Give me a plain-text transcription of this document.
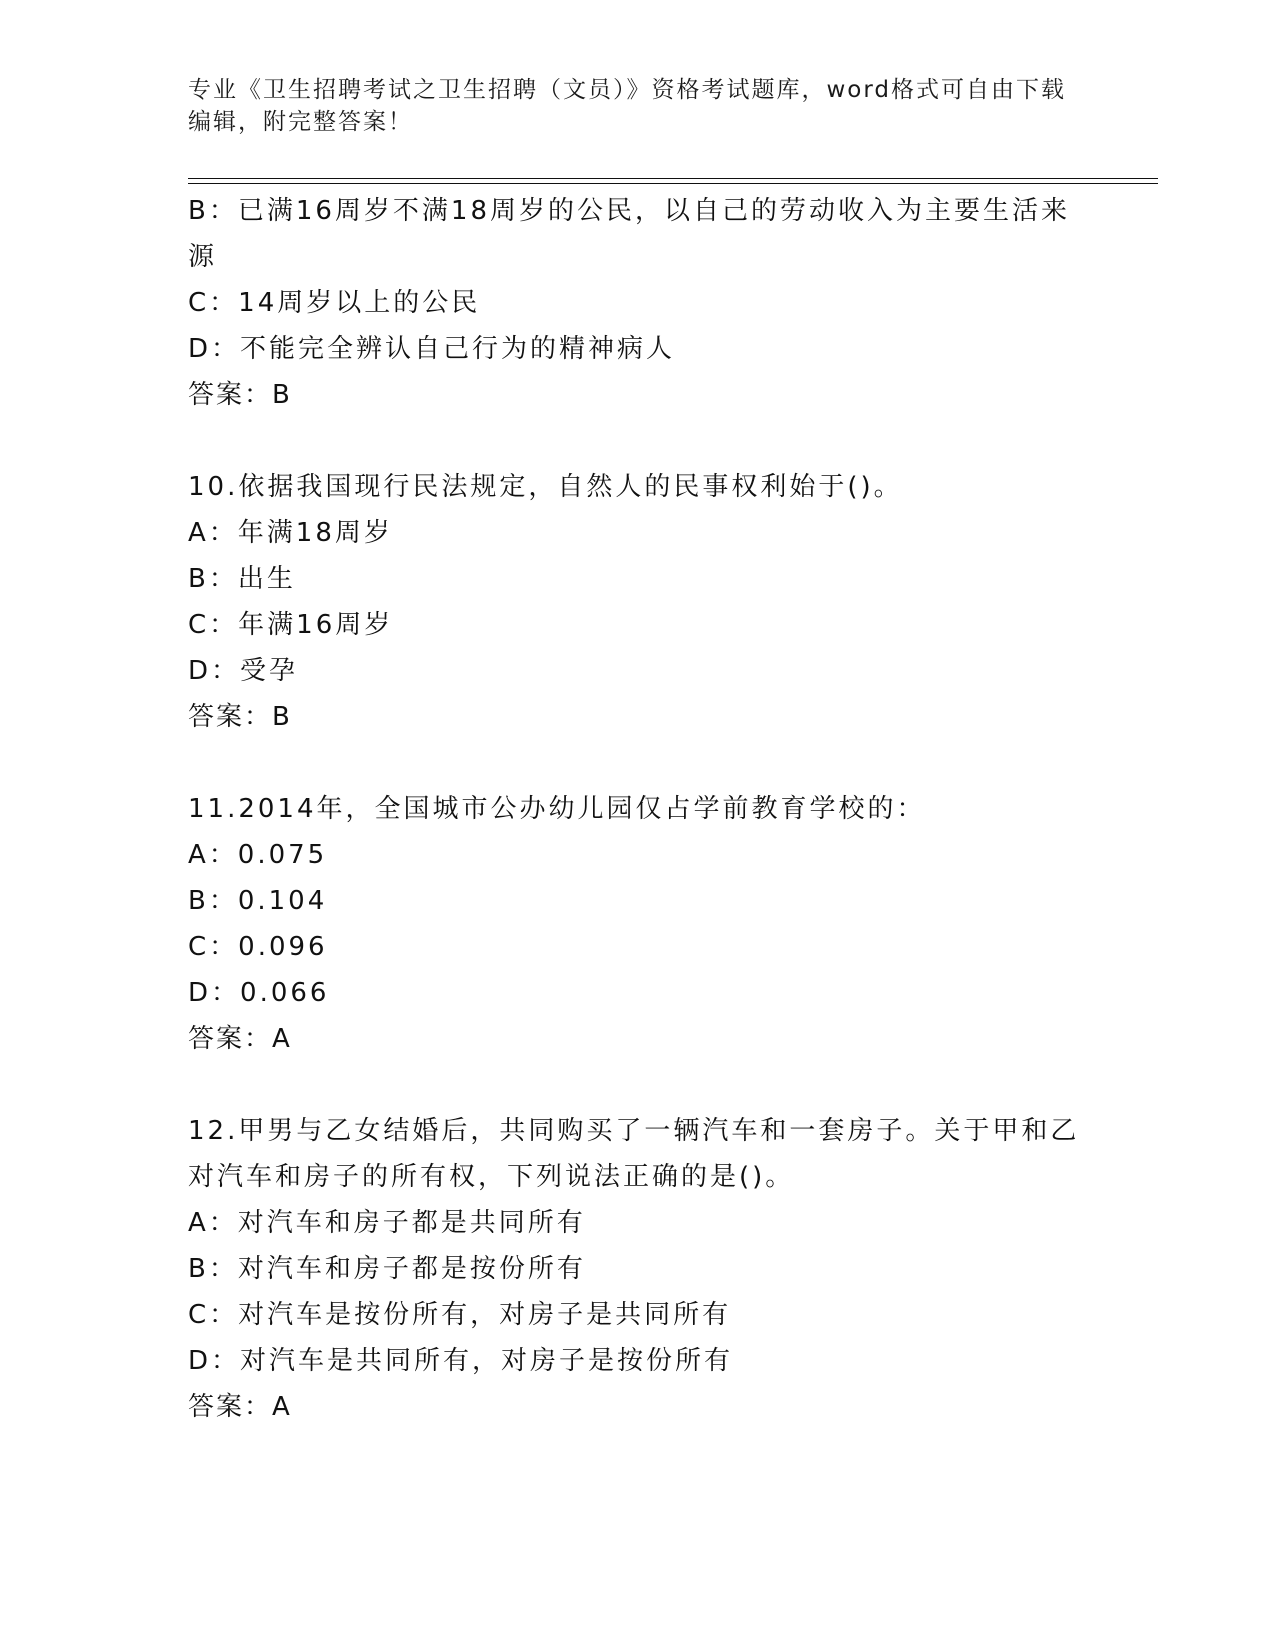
专业《卫生招聘考试之卫生招聘（文员）》资格考试题库，word格式可自由下载
编辑，附完整答案！
B：已满16周岁不满18周岁的公民，以自己的劳动收入为主要生活来
源
C：14周岁以上的公民
D：不能完全辨认自己行为的精神病人
答案：B
10.依据我国现行民法规定，自然人的民事权利始于()。
A：年满18周岁
B：出生
C：年满16周岁
D：受孕
答案：B
11.2014年，全国城市公办幼儿园仅占学前教育学校的：
A：0.075
B：0.104
C：0.096
D：0.066
答案：A
12.甲男与乙女结婚后，共同购买了一辆汽车和一套房子。关于甲和乙
对汽车和房子的所有权，下列说法正确的是()。
A：对汽车和房子都是共同所有
B：对汽车和房子都是按份所有
C：对汽车是按份所有，对房子是共同所有
D：对汽车是共同所有，对房子是按份所有
答案：A
